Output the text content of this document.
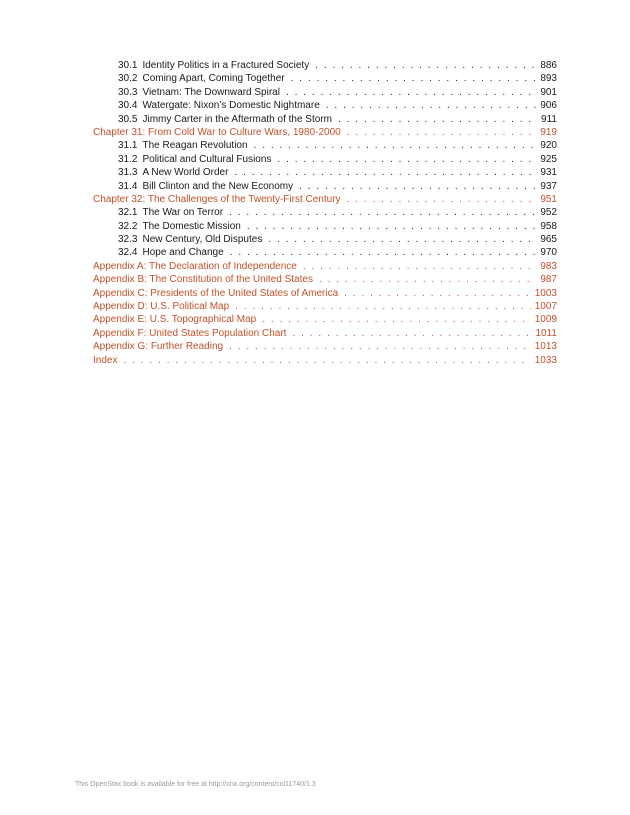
30.1 Identity Politics in a Fractured Society . . .	886
30.2 Coming Apart, Coming Together . . .	893
30.3 Vietnam: The Downward Spiral . . .	901
30.4 Watergate: Nixon’s Domestic Nightmare . . .	906
30.5 Jimmy Carter in the Aftermath of the Storm . . .	911
Chapter 31: From Cold War to Culture Wars, 1980-2000 . . .	919
31.1 The Reagan Revolution . . .	920
31.2 Political and Cultural Fusions . . .	925
31.3 A New World Order . . .	931
31.4 Bill Clinton and the New Economy . . .	937
Chapter 32: The Challenges of the Twenty-First Century . . .	951
32.1 The War on Terror . . .	952
32.2 The Domestic Mission . . .	958
32.3 New Century, Old Disputes . . .	965
32.4 Hope and Change . . .	970
Appendix A: The Declaration of Independence . . .	983
Appendix B: The Constitution of the United States . . .	987
Appendix C: Presidents of the United States of America . . .	1003
Appendix D: U.S. Political Map . . .	1007
Appendix E: U.S. Topographical Map . . .	1009
Appendix F: United States Population Chart . . .	1011
Appendix G: Further Reading . . .	1013
Index . . .	1033
This OpenStax book is available for free at http://cnx.org/content/col11740/1.3
